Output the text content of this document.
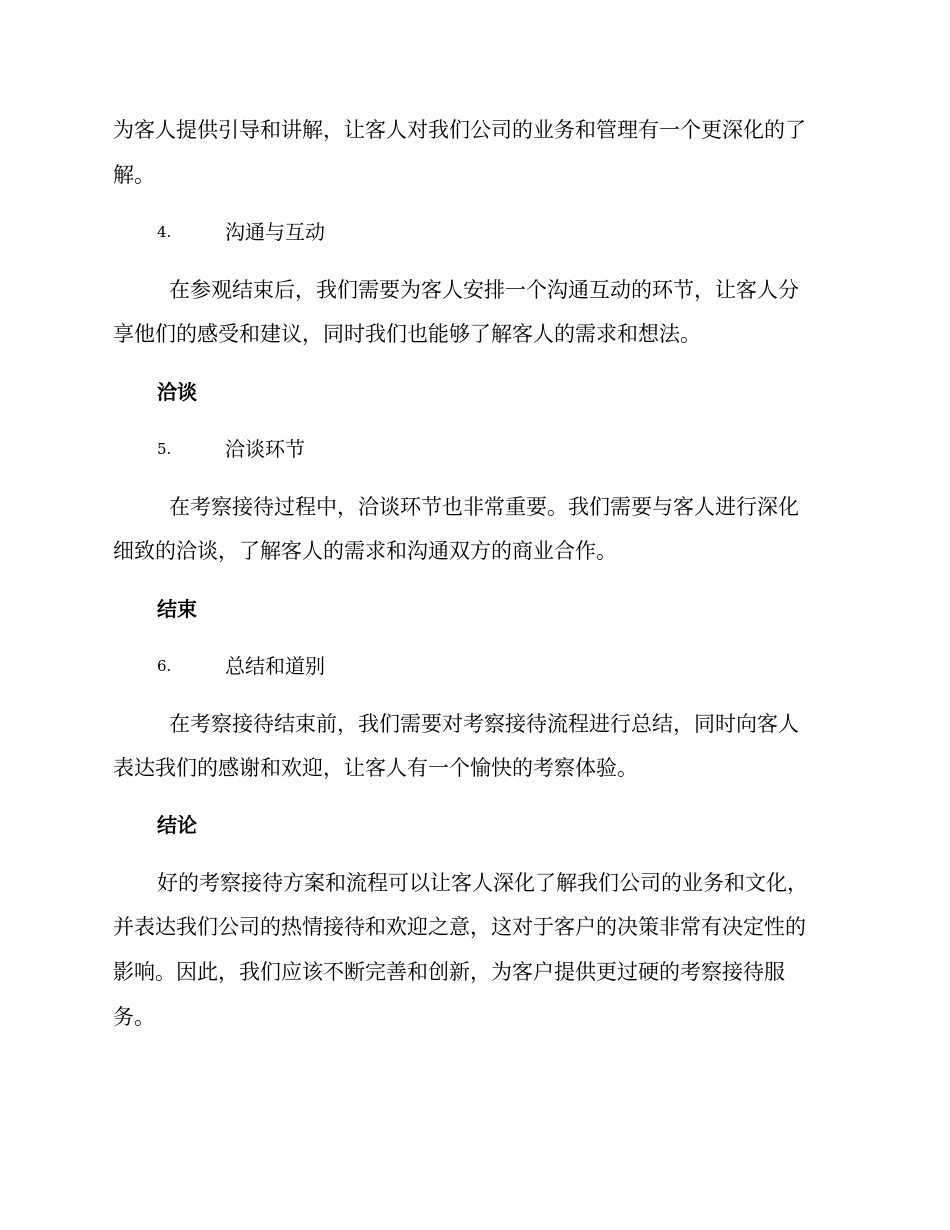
为客人提供引导和讲解，让客人对我们公司的业务和管理有一个更深化的了
解。
4.	沟通与互动
在参观结束后，我们需要为客人安排一个沟通互动的环节，让客人分
享他们的感受和建议，同时我们也能够了解客人的需求和想法。
洽谈
5.	洽谈环节
在考察接待过程中，洽谈环节也非常重要。我们需要与客人进行深化
细致的洽谈，了解客人的需求和沟通双方的商业合作。
结束
6.	总结和道别
在考察接待结束前，我们需要对考察接待流程进行总结，同时向客人
表达我们的感谢和欢迎，让客人有一个愉快的考察体验。
结论
好的考察接待方案和流程可以让客人深化了解我们公司的业务和文化，
并表达我们公司的热情接待和欢迎之意，这对于客户的决策非常有决定性的
影响。因此，我们应该不断完善和创新，为客户提供更过硬的考察接待服
务。
